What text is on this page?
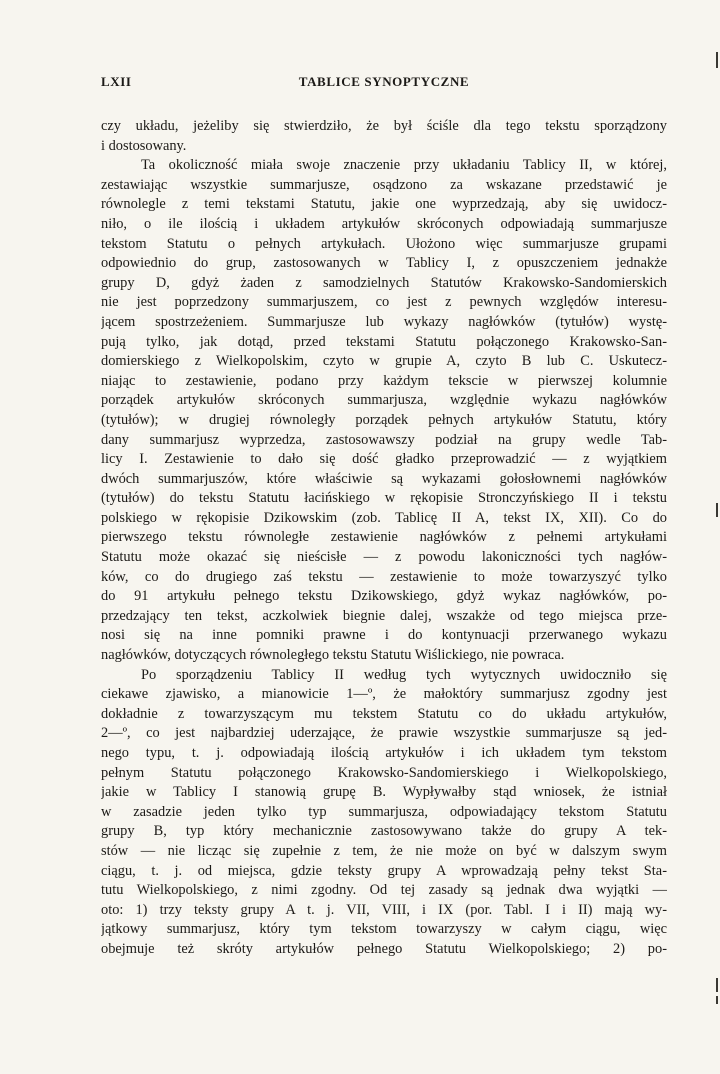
LXII	TABLICE SYNOPTYCZNE
czy układu, jeżeliby się stwierdziło, że był ściśle dla tego tekstu sporządzony
i dostosowany.
Ta okoliczność miała swoje znaczenie przy układaniu Tablicy II, w której,
zestawiając wszystkie summarjusze, osądzono za wskazane przedstawić je
równolegle z temi tekstami Statutu, jakie one wyprzedzają, aby się uwidocz-
niło, o ile ilością i układem artykułów skróconych odpowiadają summarjusze
tekstom Statutu o pełnych artykułach. Ułożono więc summarjusze grupami
odpowiednio do grup, zastosowanych w Tablicy I, z opuszczeniem jednakże
grupy D, gdyż żaden z samodzielnych Statutów Krakowsko-Sandomierskich
nie jest poprzedzony summarjuszem, co jest z pewnych względów interesu-
jącem spostrzeżeniem. Summarjusze lub wykazy nagłówków (tytułów) wystę-
pują tylko, jak dotąd, przed tekstami Statutu połączonego Krakowsko-San-
domierskiego z Wielkopolskim, czyto w grupie A, czyto B lub C. Uskutecz-
niając to zestawienie, podano przy każdym tekscie w pierwszej kolumnie
porządek artykułów skróconych summarjusza, względnie wykazu nagłówków
(tytułów); w drugiej równoległy porządek pełnych artykułów Statutu, który
dany summarjusz wyprzedza, zastosowawszy podział na grupy wedle Tab-
licy I. Zestawienie to dało się dość gładko przeprowadzić — z wyjątkiem
dwóch summarjuszów, które właściwie są wykazami gołosłownemi nagłówków
(tytułów) do tekstu Statutu łacińskiego w rękopisie Stronczyńskiego II i tekstu
polskiego w rękopisie Dzikowskim (zob. Tablicę II A, tekst IX, XII). Co do
pierwszego tekstu równoległe zestawienie nagłówków z pełnemi artykułami
Statutu może okazać się nieścisłe — z powodu lakoniczności tych nagłów-
ków, co do drugiego zaś tekstu — zestawienie to może towarzyszyć tylko
do 91 artykułu pełnego tekstu Dzikowskiego, gdyż wykaz nagłówków, po-
przedzający ten tekst, aczkolwiek biegnie dalej, wszakże od tego miejsca prze-
nosi się na inne pomniki prawne i do kontynuacji przerwanego wykazu
nagłówków, dotyczących równoległego tekstu Statutu Wiślickiego, nie powraca.
Po sporządzeniu Tablicy II według tych wytycznych uwidoczniło się
ciekawe zjawisko, a mianowicie 1—º, że małoktóry summarjusz zgodny jest
dokładnie z towarzyszącym mu tekstem Statutu co do układu artykułów,
2—º, co jest najbardziej uderzające, że prawie wszystkie summarjusze są jed-
nego typu, t. j. odpowiadają ilością artykułów i ich układem tym tekstom
pełnym Statutu połączonego Krakowsko-Sandomierskiego i Wielkopolskiego,
jakie w Tablicy I stanowią grupę B. Wypływałby stąd wniosek, że istniał
w zasadzie jeden tylko typ summarjusza, odpowiadający tekstom Statutu
grupy B, typ który mechanicznie zastosowywano także do grupy A tek-
stów — nie licząc się zupełnie z tem, że nie może on być w dalszym swym
ciągu, t. j. od miejsca, gdzie teksty grupy A wprowadzają pełny tekst Sta-
tutu Wielkopolskiego, z nimi zgodny. Od tej zasady są jednak dwa wyjątki —
oto: 1) trzy teksty grupy A t. j. VII, VIII, i IX (por. Tabl. I i II) mają wy-
jątkowy summarjusz, który tym tekstom towarzyszy w całym ciągu, więc
obejmuje też skróty artykułów pełnego Statutu Wielkopolskiego; 2) po-
